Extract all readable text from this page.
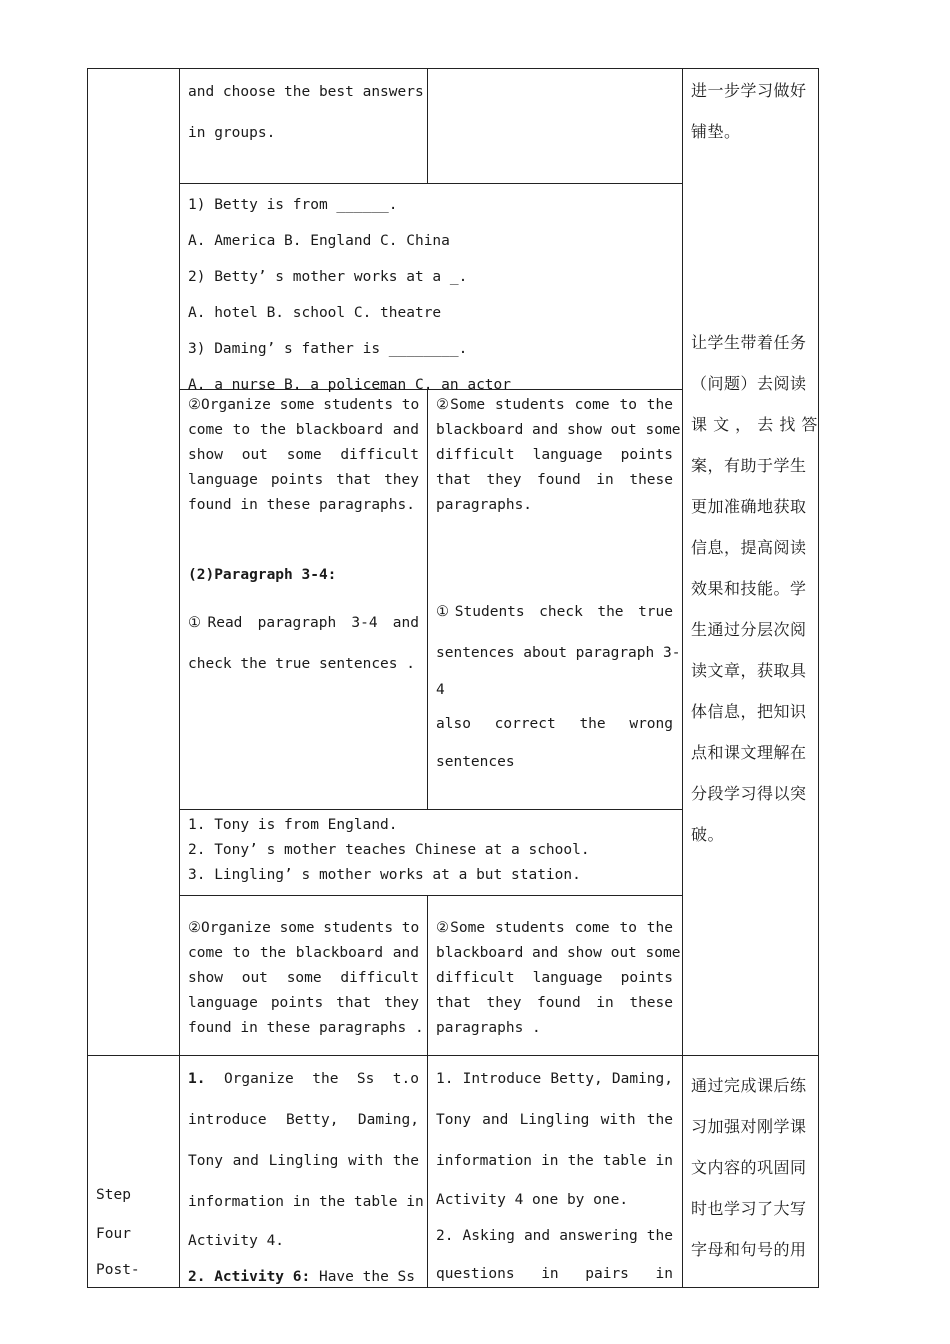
and choose the best answers
in groups.
1) Betty is from ______.
A. America B. England C. China
2) Betty’ s mother works at a _.
A. hotel B. school C. theatre
3) Daming’ s father is ________.
A. a nurse B. a policeman C. an actor
②Organize some students to
come to the blackboard and
show out some difficult
language points that they
found in these paragraphs.
(2)Paragraph 3-4:
①Read paragraph 3-4 and
check the true sentences .
②Some students come to the
blackboard and show out some
difficult language points
that they found in these
paragraphs.
①Students check the true
sentences about paragraph 3-
4
also correct the wrong
sentences
1. Tony is from England.
2. Tony’ s mother teaches Chinese at a school.
3. Lingling’ s mother works at a but station.
②Organize some students to
come to the blackboard and
show out some difficult
language points that they
found in these paragraphs .
②Some students come to the
blackboard and show out some
difficult language points
that they found in these
paragraphs .
进一步学习做好
铺垫。
让学生带着任务
（问题）去阅读
课 文 ， 去 找 答
案，有助于学生
更加准确地获取
信息，提高阅读
效果和技能。学
生通过分层次阅
读文章，获取具
体信息，把知识
点和课文理解在
分段学习得以突
破。
Step
Four
Post-
1. Organize the Ss t.o
introduce Betty, Daming,
Tony and Lingling with the
information in the table in
Activity 4.
2. Activity 6: Have the Ss
1. Introduce Betty, Daming,
Tony and Lingling with the
information in the table in
Activity 4 one by one.
2. Asking and answering the
questions in pairs in
通过完成课后练
习加强对刚学课
文内容的巩固同
时也学习了大写
字母和句号的用
